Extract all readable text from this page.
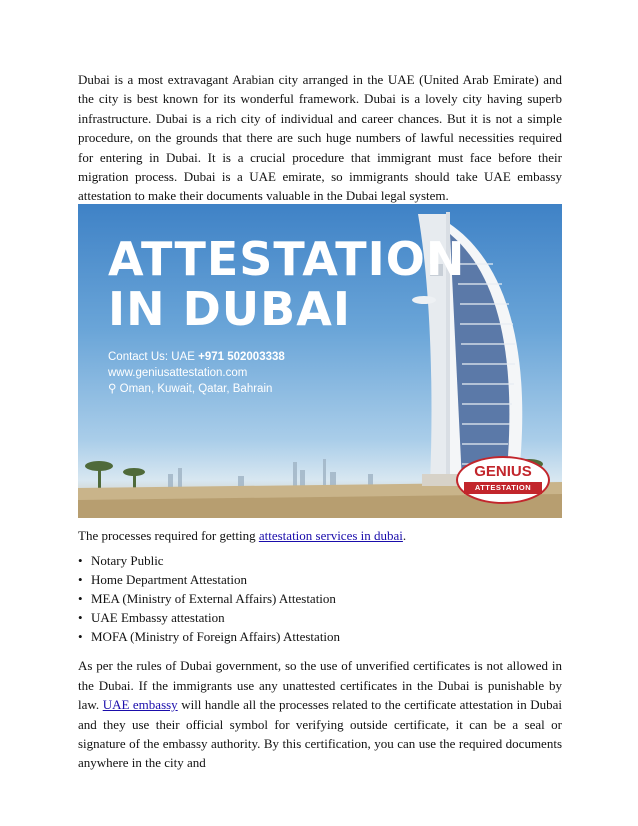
Dubai is a most extravagant Arabian city arranged in the UAE (United Arab Emirate) and the city is best known for its wonderful framework. Dubai is a lovely city having superb infrastructure. Dubai is a rich city of individual and career chances. But it is not a simple procedure, on the grounds that there are such huge numbers of lawful necessities required for entering in Dubai. It is a crucial procedure that immigrant must face before their migration process. Dubai is a UAE emirate, so immigrants should take UAE embassy attestation to make their documents valuable in the Dubai legal system.

ATTESTATION
IN DUBAI
Contact Us: UAE +971 502003338
www.geniusattestation.com
⚲ Oman, Kuwait, Qatar, Bahrain
GENIUS
ATTESTATION

The processes required for getting attestation services in dubai.

• Notary Public
• Home Department Attestation
• MEA (Ministry of External Affairs) Attestation
• UAE Embassy attestation
• MOFA (Ministry of Foreign Affairs) Attestation

As per the rules of Dubai government, so the use of unverified certificates is not allowed in the Dubai. If the immigrants use any unattested certificates in the Dubai is punishable by law. UAE embassy will handle all the processes related to the certificate attestation in Dubai and they use their official symbol for verifying outside certificate, it can be a seal or signature of the embassy authority. By this certification, you can use the required documents anywhere in the city and
